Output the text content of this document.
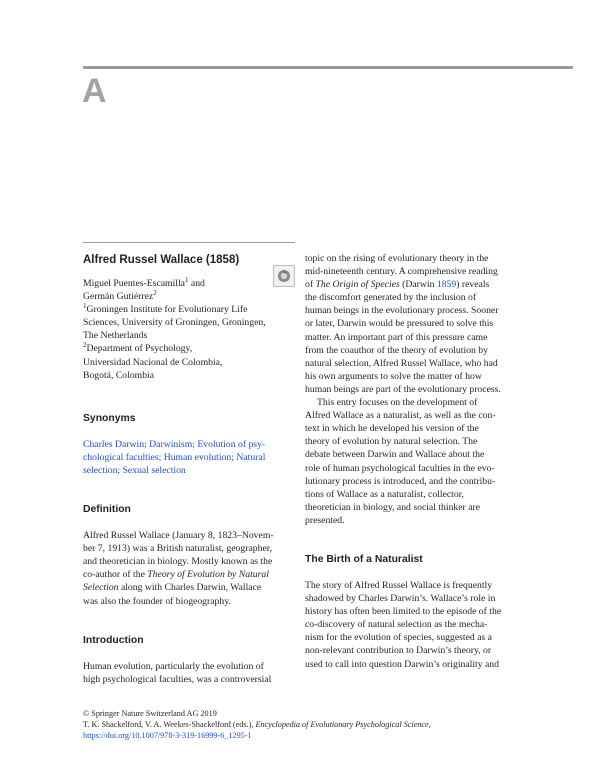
A
Alfred Russel Wallace (1858)

Miguel Puentes-Escamilla$^1$ and

Germán Gutiérrez$^2$

$^1$Groningen Institute for Evolutionary Life

Sciences, University of Groningen, Groningen,

The Netherlands

$^2$Department of Psychology,

Universidad Nacional de Colombia,

Bogotá, Colombia

Synonyms

Charles Darwin; Darwinism; Evolution of psy-

chological faculties; Human evolution; Natural

selection; Sexual selection

Definition

Alfred Russel Wallace (January 8, 1823–Novem-

ber 7, 1913) was a British naturalist, geographer,

and theoretician in biology. Mostly known as the

co-author of the Theory of Evolution by Natural

Selection along with Charles Darwin, Wallace

was also the founder of biogeography.

Introduction

Human evolution, particularly the evolution of

high psychological faculties, was a controversial

topic on the rising of evolutionary theory in the

mid-nineteenth century. A comprehensive reading

of The Origin of Species (Darwin 1859) reveals

the discomfort generated by the inclusion of

human beings in the evolutionary process. Sooner

or later, Darwin would be pressured to solve this

matter. An important part of this pressure came

from the coauthor of the theory of evolution by

natural selection, Alfred Russel Wallace, who had

his own arguments to solve the matter of how

human beings are part of the evolutionary process.

This entry focuses on the development of

Alfred Wallace as a naturalist, as well as the con-

text in which he developed his version of the

theory of evolution by natural selection. The

debate between Darwin and Wallace about the

role of human psychological faculties in the evo-

lutionary process is introduced, and the contribu-

tions of Wallace as a naturalist, collector,

theoretician in biology, and social thinker are

presented.

The Birth of a Naturalist

The story of Alfred Russel Wallace is frequently

shadowed by Charles Darwin’s. Wallace’s role in

history has often been limited to the episode of the

co-discovery of natural selection as the mecha-

nism for the evolution of species, suggested as a

non-relevant contribution to Darwin’s theory, or

used to call into question Darwin’s originality and

© Springer Nature Switzerland AG 2019
T. K. Shackelford, V. A. Weekes-Shackelford (eds.), Encyclopedia of Evolutionary Psychological Science,
https://doi.org/10.1007/978-3-319-16999-6_1295-1
